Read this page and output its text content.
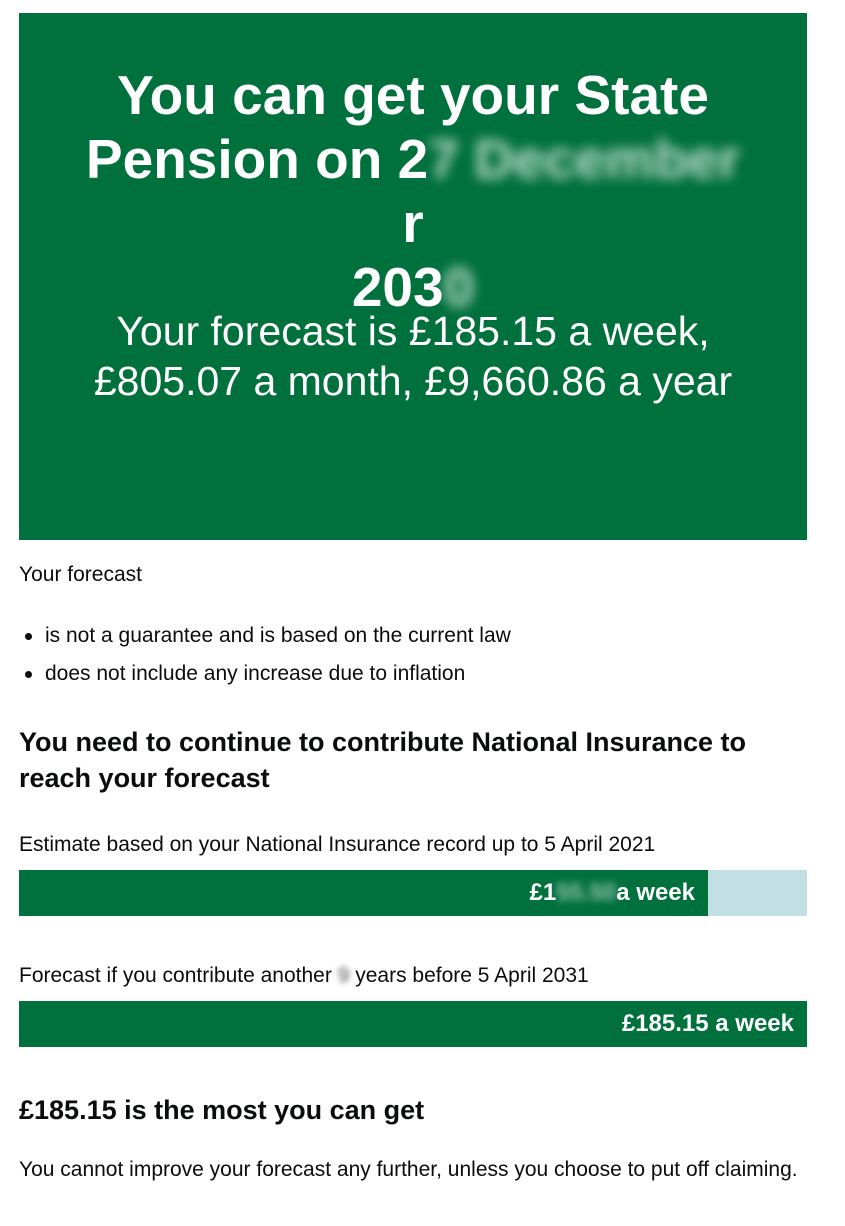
You can get your State Pension on 27 Decemberr
2030
Your forecast is £185.15 a week, £805.07 a month, £9,660.86 a year

Your forecast

is not a guarantee and is based on the current law
does not include any increase due to inflation
You need to continue to contribute National Insurance to reach your forecast

Estimate based on your National Insurance record up to 5 April 2021

£155.50a week

Forecast if you contribute another 9 years before 5 April 2031

£185.15 a week
£185.15 is the most you can get

You cannot improve your forecast any further, unless you choose to put off claiming.
